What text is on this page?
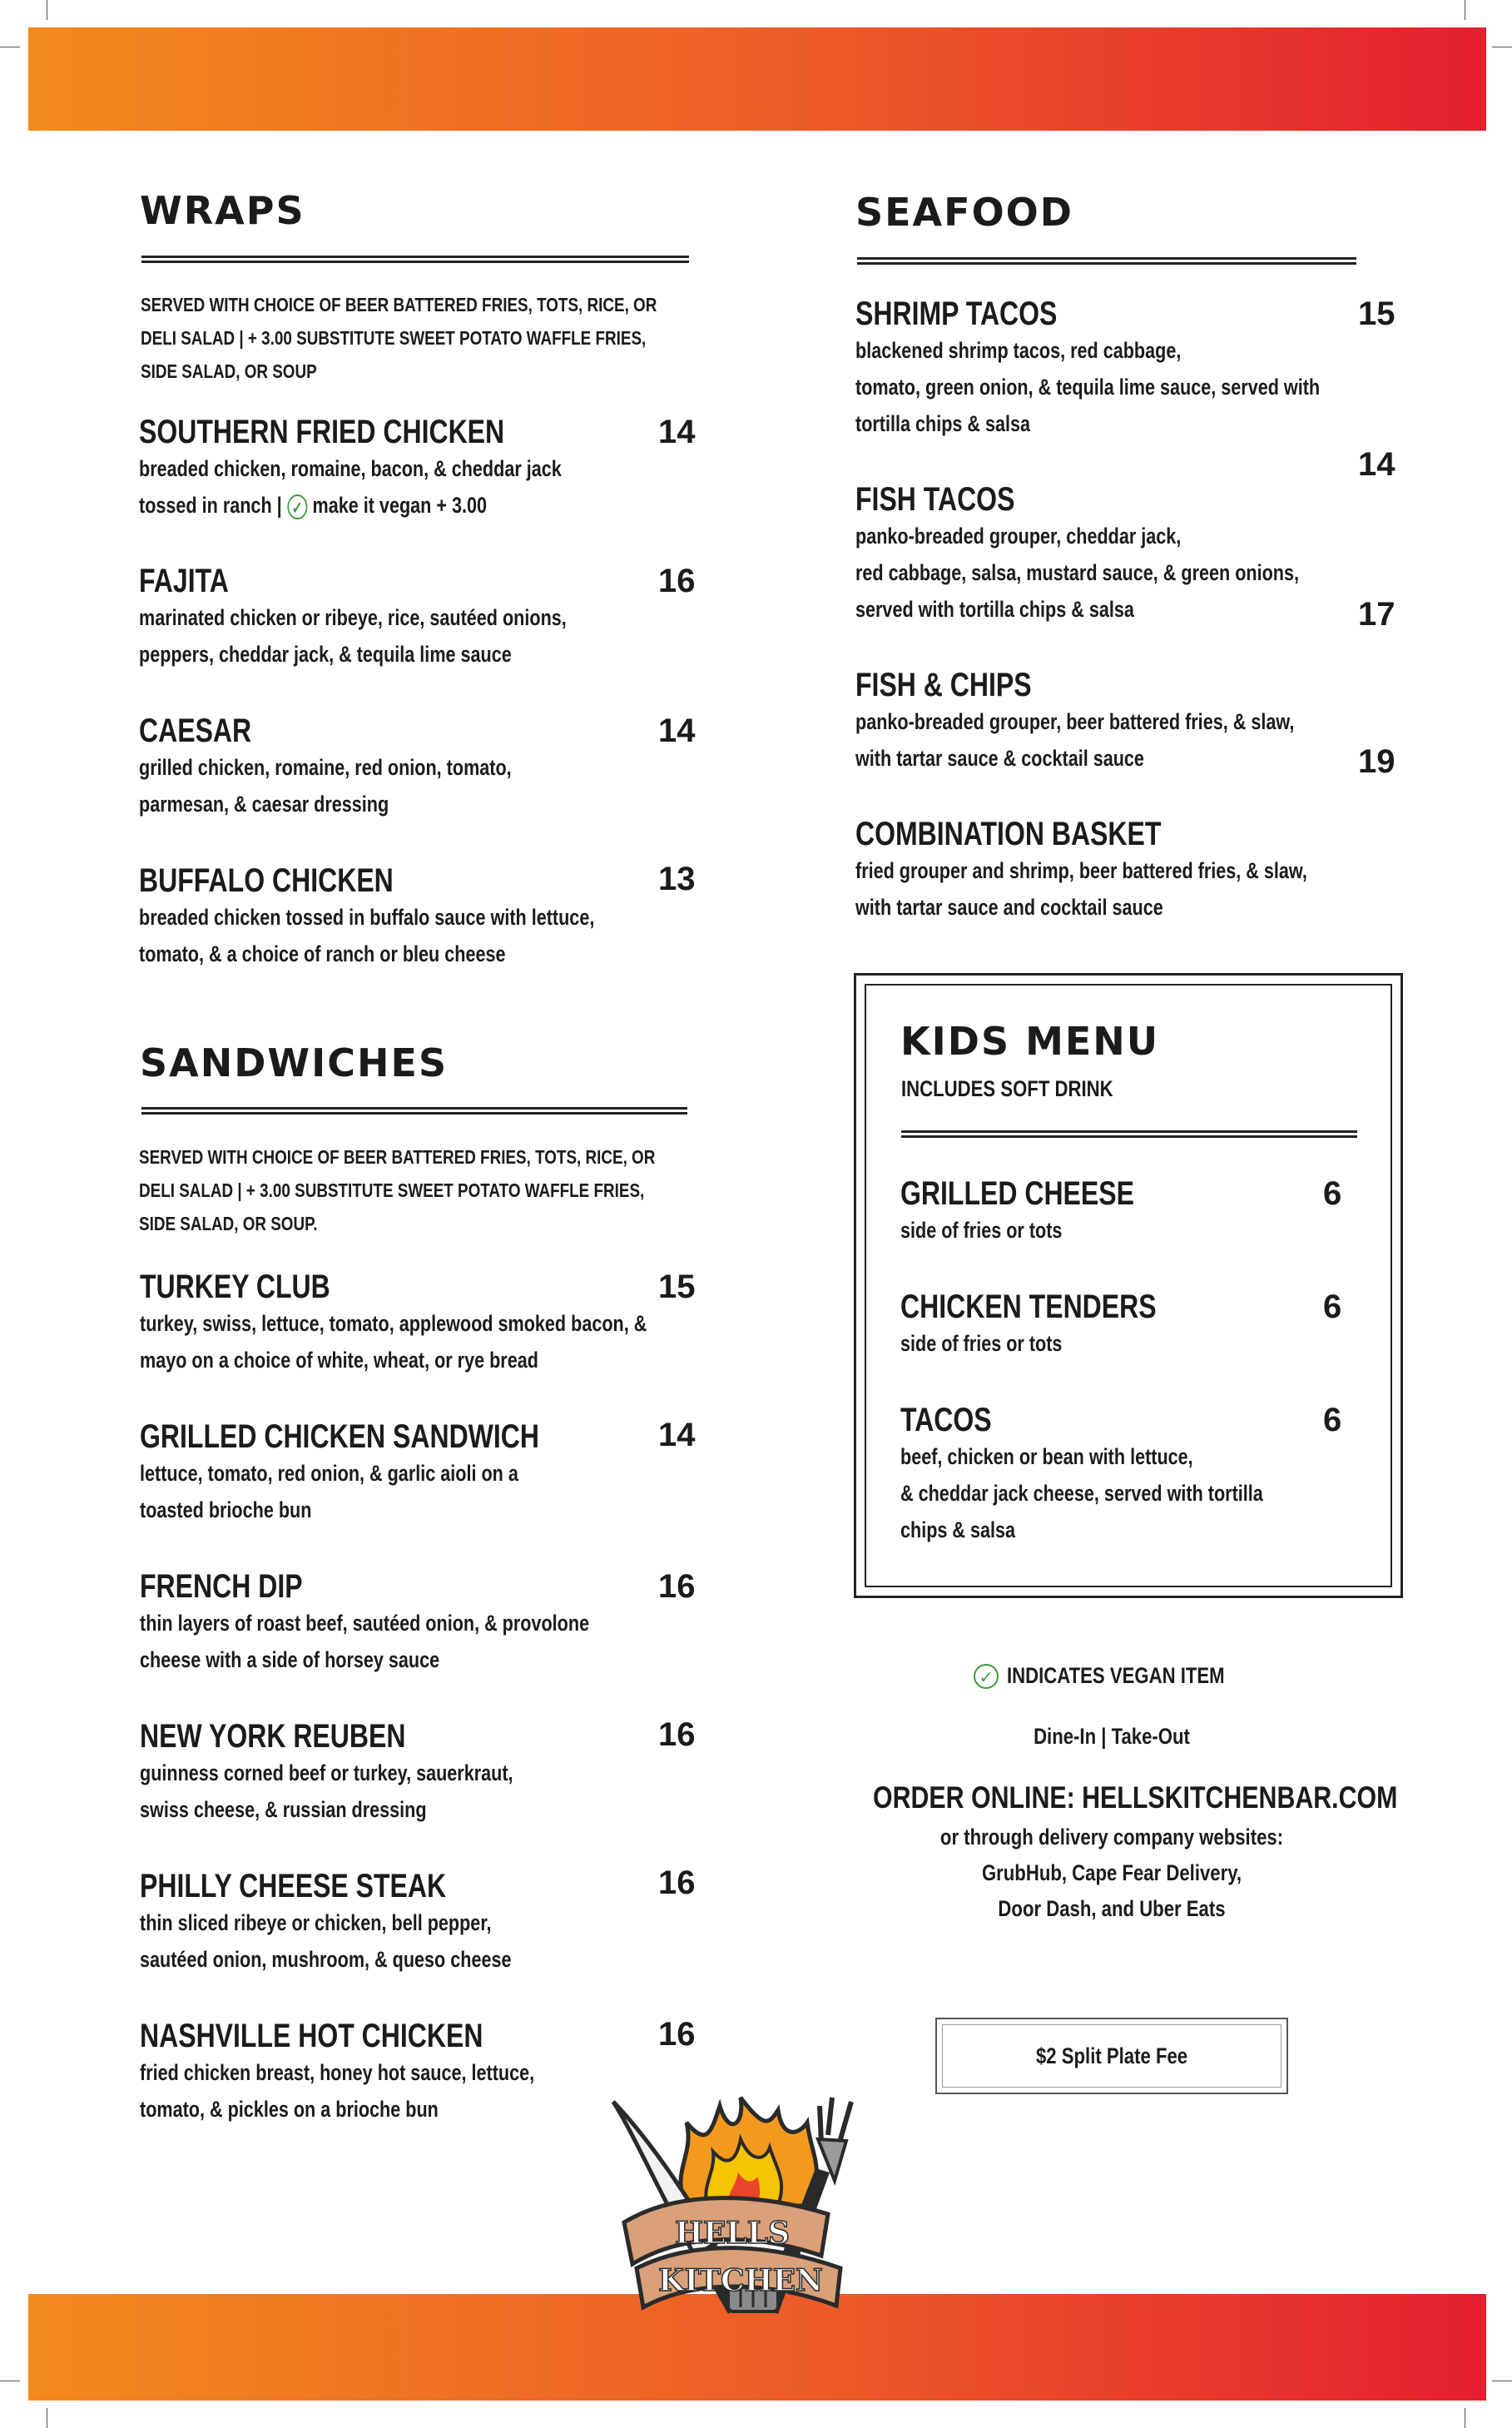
WRAPS
SERVED WITH CHOICE OF BEER BATTERED FRIES, TOTS, RICE, OR
DELI SALAD | + 3.00 SUBSTITUTE SWEET POTATO WAFFLE FRIES,
SIDE SALAD, OR SOUP
SOUTHERN FRIED CHICKEN
breaded chicken, romaine, bacon, & cheddar jack
tossed in ranch | ✓ make it vegan + 3.00
14
FAJITA
marinated chicken or ribeye, rice, sautéed onions,
peppers, cheddar jack, & tequila lime sauce
16
CAESAR
grilled chicken, romaine, red onion, tomato,
parmesan, & caesar dressing
14
BUFFALO CHICKEN
breaded chicken tossed in buffalo sauce with lettuce,
tomato, & a choice of ranch or bleu cheese
13
SANDWICHES
SERVED WITH CHOICE OF BEER BATTERED FRIES, TOTS, RICE, OR
DELI SALAD | + 3.00 SUBSTITUTE SWEET POTATO WAFFLE FRIES,
SIDE SALAD, OR SOUP.
TURKEY CLUB
turkey, swiss, lettuce, tomato, applewood smoked bacon, &
mayo on a choice of white, wheat, or rye bread
15
GRILLED CHICKEN SANDWICH
lettuce, tomato, red onion, & garlic aioli on a
toasted brioche bun
14
FRENCH DIP
thin layers of roast beef, sautéed onion, & provolone
cheese with a side of horsey sauce
16
NEW YORK REUBEN
guinness corned beef or turkey, sauerkraut,
swiss cheese, & russian dressing
16
PHILLY CHEESE STEAK
thin sliced ribeye or chicken, bell pepper,
sautéed onion, mushroom, & queso cheese
16
NASHVILLE HOT CHICKEN
fried chicken breast, honey hot sauce, lettuce,
tomato, & pickles on a brioche bun
16
SEAFOOD
SHRIMP TACOS
blackened shrimp tacos, red cabbage,
tomato, green onion, & tequila lime sauce, served with
tortilla chips & salsa
15
FISH TACOS
panko-breaded grouper, cheddar jack,
red cabbage, salsa, mustard sauce, & green onions,
served with tortilla chips & salsa
14
FISH & CHIPS
panko-breaded grouper, beer battered fries, & slaw,
with tartar sauce & cocktail sauce
17
COMBINATION BASKET
fried grouper and shrimp, beer battered fries, & slaw,
with tartar sauce and cocktail sauce
19
KIDS MENU
INCLUDES SOFT DRINK
GRILLED CHEESE
side of fries or tots
6
CHICKEN TENDERS
side of fries or tots
6
TACOS
beef, chicken or bean with lettuce,
& cheddar jack cheese, served with tortilla
chips & salsa
6
✓ INDICATES VEGAN ITEM
Dine-In | Take-Out
ORDER ONLINE: HELLSKITCHENBAR.COM
or through delivery company websites:
GrubHub, Cape Fear Delivery,
Door Dash, and Uber Eats
$2 Split Plate Fee
HELLS
KITCHEN
